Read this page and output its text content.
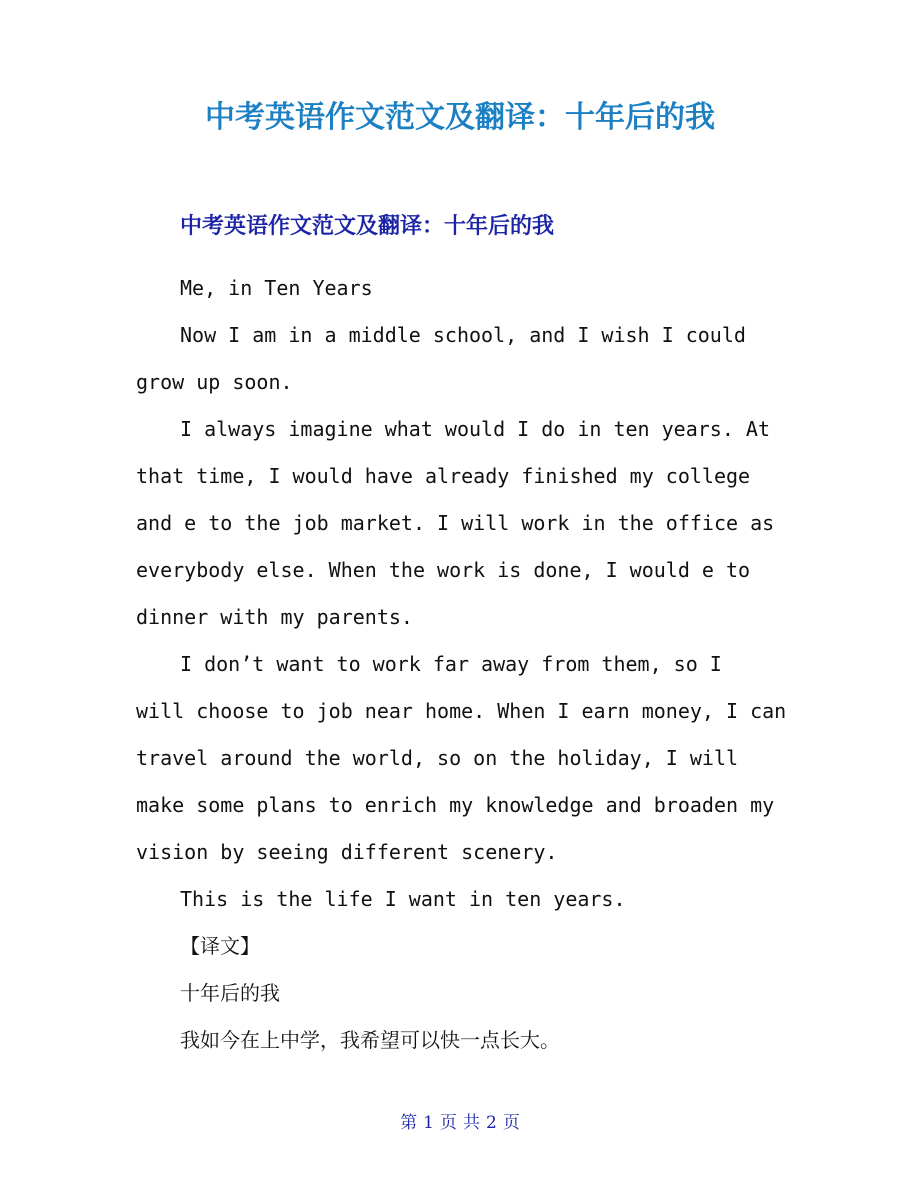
中考英语作文范文及翻译：十年后的我
中考英语作文范文及翻译：十年后的我
Me, in Ten Years
Now I am in a middle school, and I wish I could
grow up soon.
I always imagine what would I do in ten years. At
that time, I would have already finished my college
and e to the job market. I will work in the office as
everybody else. When the work is done, I would e to
dinner with my parents.
I don’t want to work far away from them, so I
will choose to job near home. When I earn money, I can
travel around the world, so on the holiday, I will
make some plans to enrich my knowledge and broaden my
vision by seeing different scenery.
This is the life I want in ten years.
【译文】
十年后的我
我如今在上中学，我希望可以快一点长大。
第 1 页 共 2 页
